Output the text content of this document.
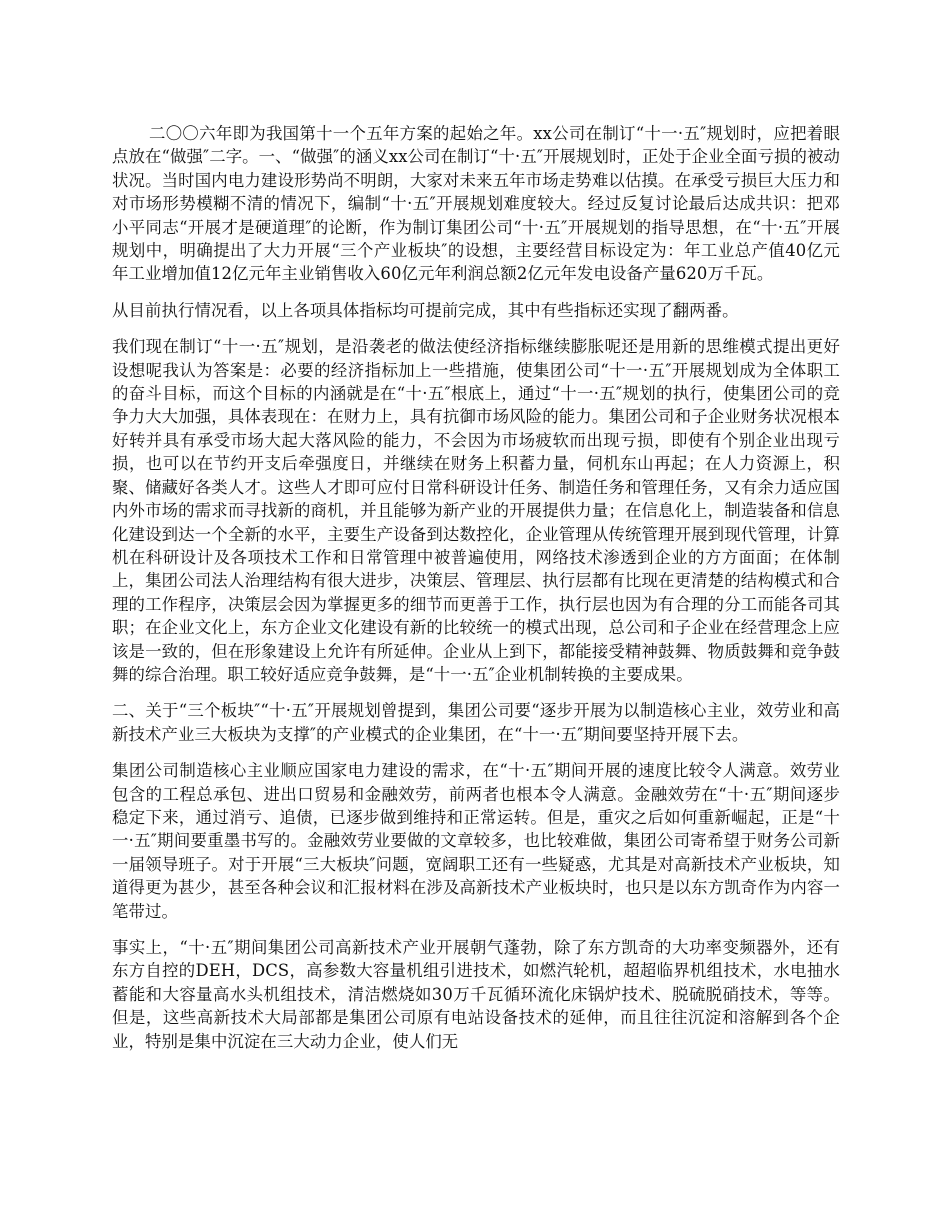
二〇〇六年即为我国第十一个五年方案的起始之年。xx公司在制订“十一·五″规划时，应把着眼点放在“做强″二字。一、“做强″的涵义xx公司在制订“十·五″开展规划时，正处于企业全面亏损的被动状况。当时国内电力建设形势尚不明朗，大家对未来五年市场走势难以估摸。在承受亏损巨大压力和对市场形势模糊不清的情况下，编制“十·五″开展规划难度较大。经过反复讨论最后达成共识：把邓小平同志“开展才是硬道理″的论断，作为制订集团公司“十·五″开展规划的指导思想，在“十·五″开展规划中，明确提出了大力开展“三个产业板块″的设想，主要经营目标设定为：年工业总产值40亿元年工业增加值12亿元年主业销售收入60亿元年利润总额2亿元年发电设备产量620万千瓦。

从目前执行情况看，以上各项具体指标均可提前完成，其中有些指标还实现了翻两番。

我们现在制订“十一·五″规划，是沿袭老的做法使经济指标继续膨胀呢还是用新的思维模式提出更好设想呢我认为答案是：必要的经济指标加上一些措施，使集团公司“十一·五″开展规划成为全体职工的奋斗目标，而这个目标的内涵就是在“十·五″根底上，通过“十一·五″规划的执行，使集团公司的竞争力大大加强，具体表现在：在财力上，具有抗御市场风险的能力。集团公司和子企业财务状况根本好转并具有承受市场大起大落风险的能力，不会因为市场疲软而出现亏损，即使有个别企业出现亏损，也可以在节约开支后牵强度日，并继续在财务上积蓄力量，伺机东山再起；在人力资源上，积聚、储藏好各类人才。这些人才即可应付日常科研设计任务、制造任务和管理任务，又有余力适应国内外市场的需求而寻找新的商机，并且能够为新产业的开展提供力量；在信息化上，制造装备和信息化建设到达一个全新的水平，主要生产设备到达数控化，企业管理从传统管理开展到现代管理，计算机在科研设计及各项技术工作和日常管理中被普遍使用，网络技术渗透到企业的方方面面；在体制上，集团公司法人治理结构有很大进步，决策层、管理层、执行层都有比现在更清楚的结构模式和合理的工作程序，决策层会因为掌握更多的细节而更善于工作，执行层也因为有合理的分工而能各司其职；在企业文化上，东方企业文化建设有新的比较统一的模式出现，总公司和子企业在经营理念上应该是一致的，但在形象建设上允许有所延伸。企业从上到下，都能接受精神鼓舞、物质鼓舞和竞争鼓舞的综合治理。职工较好适应竞争鼓舞，是“十一·五″企业机制转换的主要成果。

二、关于“三个板块″“十·五″开展规划曾提到，集团公司要“逐步开展为以制造核心主业，效劳业和高新技术产业三大板块为支撑″的产业模式的企业集团，在“十一·五″期间要坚持开展下去。

集团公司制造核心主业顺应国家电力建设的需求，在“十·五″期间开展的速度比较令人满意。效劳业包含的工程总承包、进出口贸易和金融效劳，前两者也根本令人满意。金融效劳在“十·五″期间逐步稳定下来，通过消亏、追债，已逐步做到维持和正常运转。但是，重灾之后如何重新崛起，正是“十一·五″期间要重墨书写的。金融效劳业要做的文章较多，也比较难做，集团公司寄希望于财务公司新一届领导班子。对于开展“三大板块″问题，宽阔职工还有一些疑惑，尤其是对高新技术产业板块，知道得更为甚少，甚至各种会议和汇报材料在涉及高新技术产业板块时，也只是以东方凯奇作为内容一笔带过。

事实上，“十·五″期间集团公司高新技术产业开展朝气蓬勃，除了东方凯奇的大功率变频器外，还有东方自控的DEH，DCS，高参数大容量机组引进技术，如燃汽轮机，超超临界机组技术，水电抽水蓄能和大容量高水头机组技术，清洁燃烧如30万千瓦循环流化床锅炉技术、脱硫脱硝技术，等等。但是，这些高新技术大局部都是集团公司原有电站设备技术的延伸，而且往往沉淀和溶解到各个企业，特别是集中沉淀在三大动力企业，使人们无
